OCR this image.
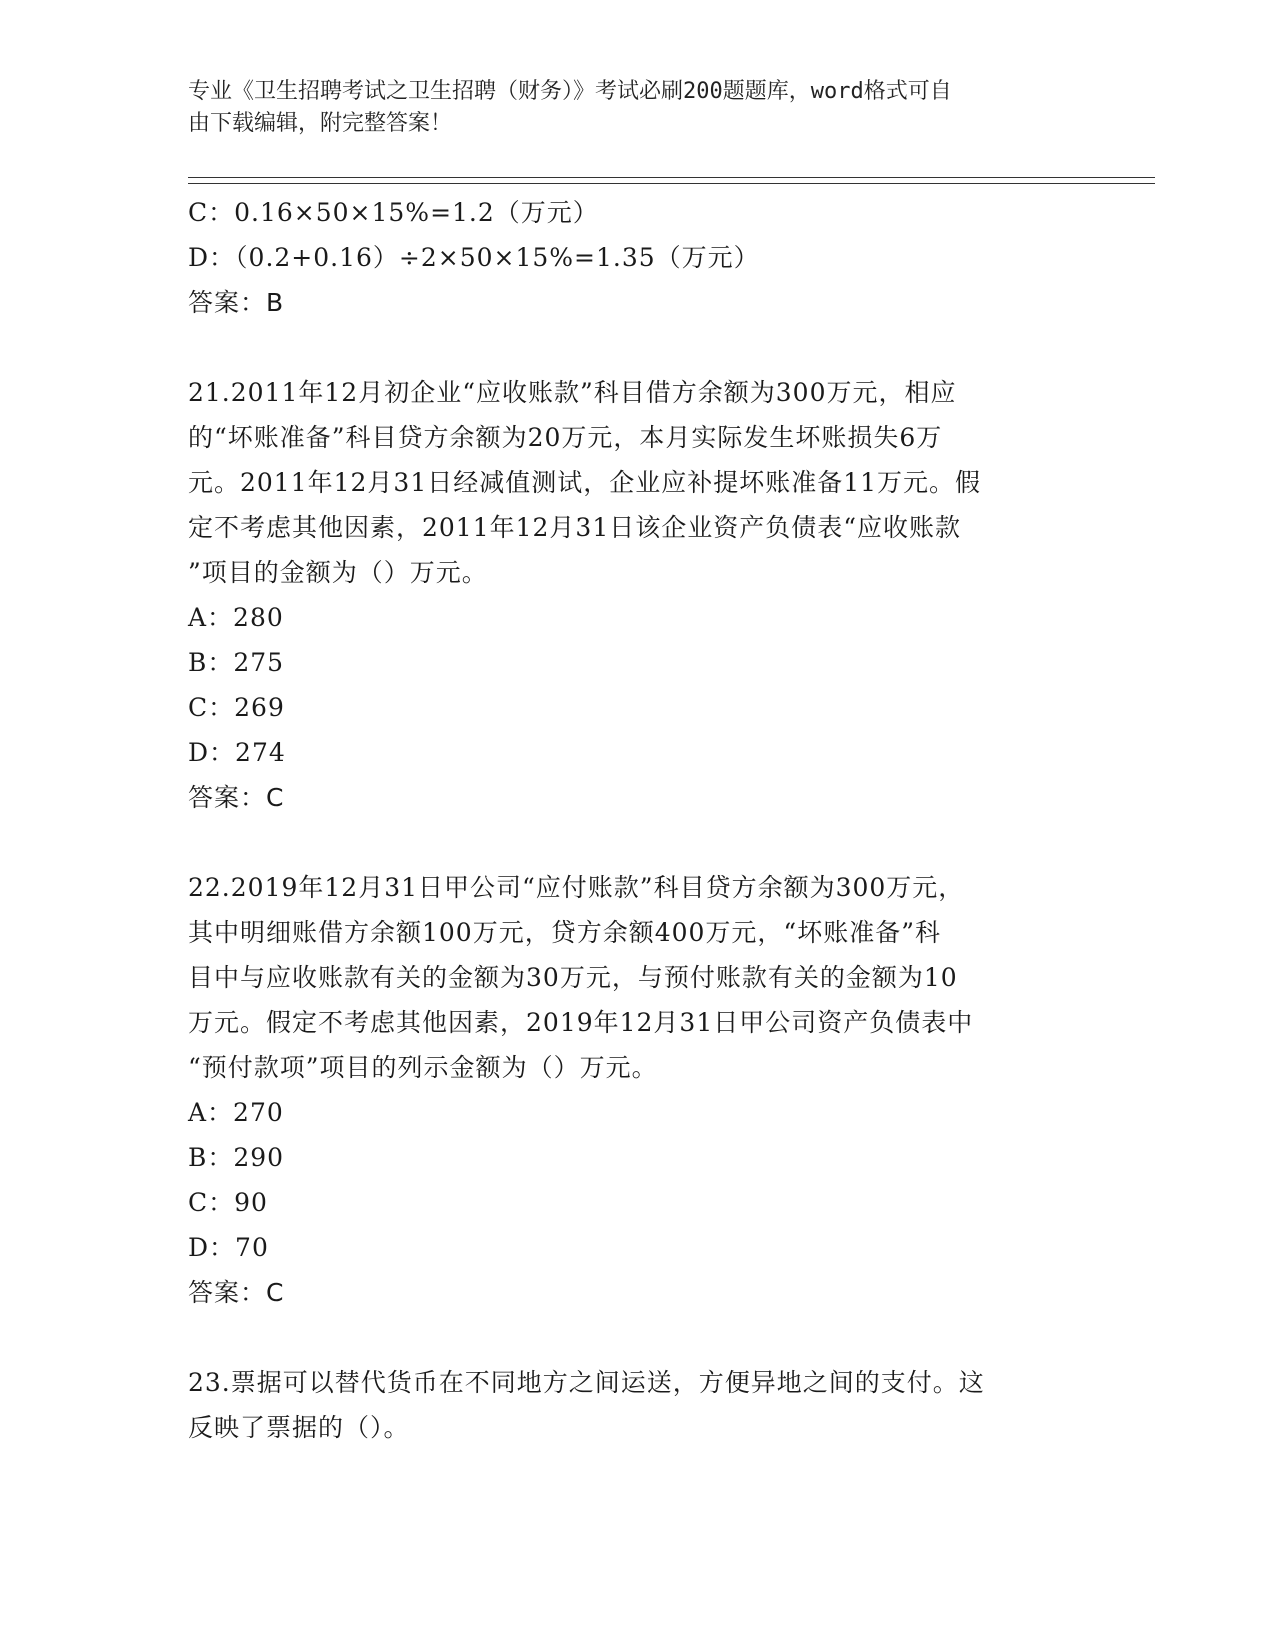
专业《卫生招聘考试之卫生招聘（财务）》考试必刷200题题库，word格式可自
由下载编辑，附完整答案！
C：0.16×50×15%=1.2（万元）
D：（0.2+0.16）÷2×50×15%=1.35（万元）
答案：B
21.2011年12月初企业“应收账款”科目借方余额为300万元，相应
的“坏账准备”科目贷方余额为20万元，本月实际发生坏账损失6万
元。2011年12月31日经减值测试，企业应补提坏账准备11万元。假
定不考虑其他因素，2011年12月31日该企业资产负债表“应收账款
”项目的金额为（）万元。
A：280
B：275
C：269
D：274
答案：C
22.2019年12月31日甲公司“应付账款”科目贷方余额为300万元，
其中明细账借方余额100万元，贷方余额400万元，“坏账准备”科
目中与应收账款有关的金额为30万元，与预付账款有关的金额为10
万元。假定不考虑其他因素，2019年12月31日甲公司资产负债表中
“预付款项”项目的列示金额为（）万元。
A：270
B：290
C：90
D：70
答案：C
23.票据可以替代货币在不同地方之间运送，方便异地之间的支付。这
反映了票据的（）。
